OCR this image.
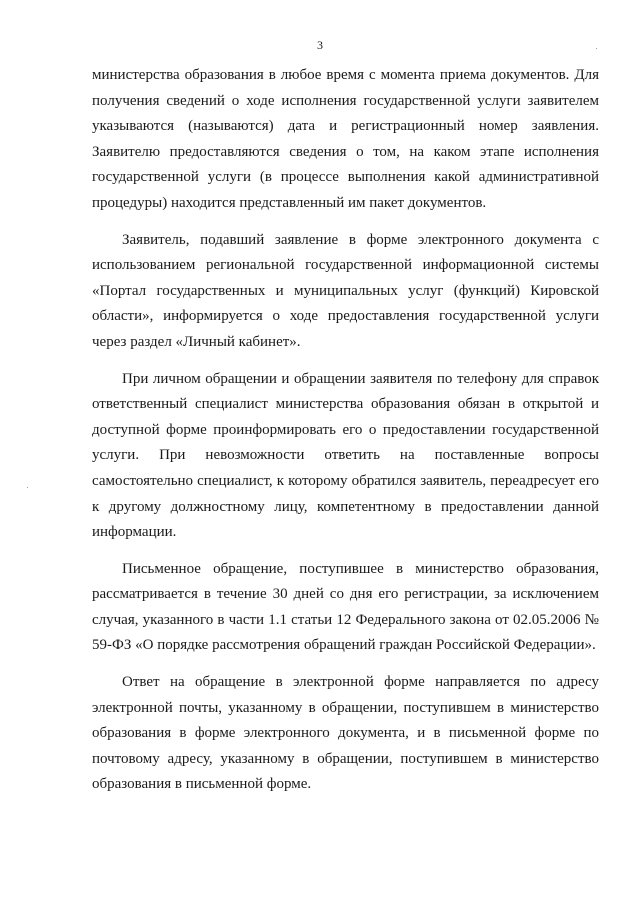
3

министерства образования в любое время с момента приема документов. Для получения сведений о ходе исполнения государственной услуги заявителем указываются (называются) дата и регистрационный номер заявления. Заявителю предоставляются сведения о том, на каком этапе исполнения государственной услуги (в процессе выполнения какой административной процедуры) находится представленный им пакет документов.

Заявитель, подавший заявление в форме электронного документа с использованием региональной государственной информационной системы «Портал государственных и муниципальных услуг (функций) Кировской области», информируется о ходе предоставления государственной услуги через раздел «Личный кабинет».

При личном обращении и обращении заявителя по телефону для справок ответственный специалист министерства образования обязан в открытой и доступной форме проинформировать его о предоставлении государственной услуги. При невозможности ответить на поставленные вопросы самостоятельно специалист, к которому обратился заявитель, переадресует его к другому должностному лицу, компетентному в предоставлении данной информации.

Письменное обращение, поступившее в министерство образования, рассматривается в течение 30 дней со дня его регистрации, за исключением случая, указанного в части 1.1 статьи 12 Федерального закона от 02.05.2006 № 59-ФЗ «О порядке рассмотрения обращений граждан Российской Федерации».

Ответ на обращение в электронной форме направляется по адресу электронной почты, указанному в обращении, поступившем в министерство образования в форме электронного документа, и в письменной форме по почтовому адресу, указанному в обращении, поступившем в министерство образования в письменной форме.
